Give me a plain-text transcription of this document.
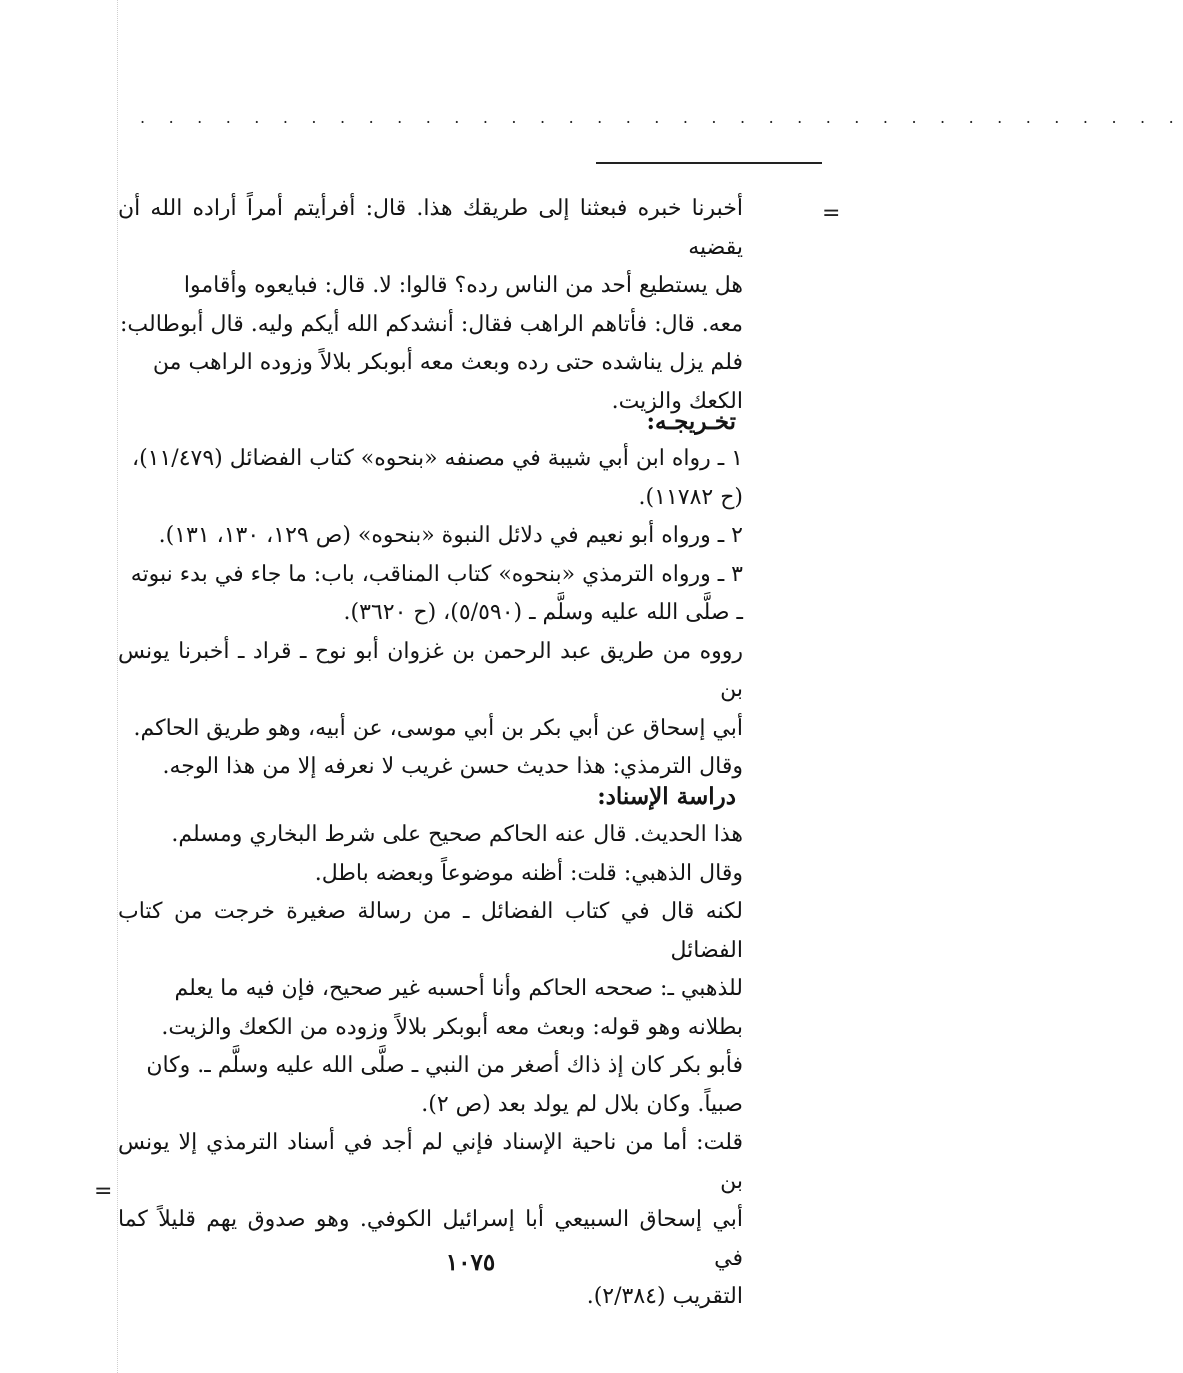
. . . . . . . . . . . . . . . . . . . . . . . . . . . . . . . . . . . . .
=
=

أخبرنا خبره فبعثنا إلى طريقك هذا. قال: أفرأيتم أمراً أراده الله أن يقضيه

هل يستطيع أحد من الناس رده؟ قالوا: لا. قال: فبايعوه وأقاموا

معه. قال: فأتاهم الراهب فقال: أنشدكم الله أيكم وليه. قال أبوطالب:

فلم يزل يناشده حتى رده وبعث معه أبوبكر بلالاً وزوده الراهب من

الكعك والزيت.

تخـريجـه:

١ ـ رواه ابن أبي شيبة في مصنفه «بنحوه» كتاب الفضائل (١١/٤٧٩)،

(ح ١١٧٨٢).

٢ ـ ورواه أبو نعيم في دلائل النبوة «بنحوه» (ص ١٢٩، ١٣٠، ١٣١).

٣ ـ ورواه الترمذي «بنحوه» كتاب المناقب، باب: ما جاء في بدء نبوته

ـ صلَّى الله عليه وسلَّم ـ (٥/٥٩٠)، (ح ٣٦٢٠).

رووه من طريق عبد الرحمن بن غزوان أبو نوح ـ قراد ـ أخبرنا يونس بن

أبي إسحاق عن أبي بكر بن أبي موسى، عن أبيه، وهو طريق الحاكم.

وقال الترمذي: هذا حديث حسن غريب لا نعرفه إلا من هذا الوجه.

دراسة الإسناد:

هذا الحديث. قال عنه الحاكم صحيح على شرط البخاري ومسلم.

وقال الذهبي: قلت: أظنه موضوعاً وبعضه باطل.

لكنه قال في كتاب الفضائل ـ من رسالة صغيرة خرجت من كتاب الفضائل

للذهبي ـ: صححه الحاكم وأنا أحسبه غير صحيح، فإن فيه ما يعلم

بطلانه وهو قوله: وبعث معه أبوبكر بلالاً وزوده من الكعك والزيت.

فأبو بكر كان إذ ذاك أصغر من النبي ـ صلَّى الله عليه وسلَّم ـ. وكان

صبياً. وكان بلال لم يولد بعد (ص ٢).

قلت: أما من ناحية الإسناد فإني لم أجد في أسناد الترمذي إلا يونس بن

أبي إسحاق السبيعي أبا إسرائيل الكوفي. وهو صدوق يهم قليلاً كما في

التقريب (٢/٣٨٤).

١٠٧٥
